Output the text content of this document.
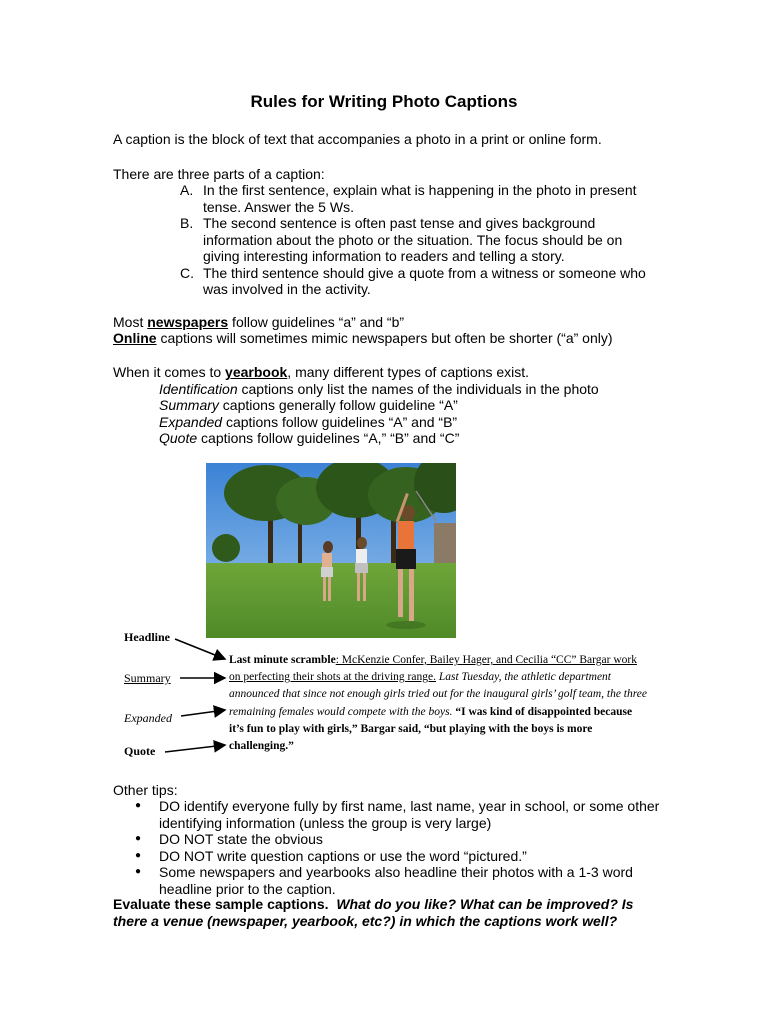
Rules for Writing Photo Captions
A caption is the block of text that accompanies a photo in a print or online form.
There are three parts of a caption:
A. In the first sentence, explain what is happening in the photo in present tense. Answer the 5 Ws.
B. The second sentence is often past tense and gives background information about the photo or the situation. The focus should be on giving interesting information to readers and telling a story.
C. The third sentence should give a quote from a witness or someone who was involved in the activity.
Most newspapers follow guidelines “a” and “b”
Online captions will sometimes mimic newspapers but often be shorter (“a” only)
When it comes to yearbook, many different types of captions exist.
Identification captions only list the names of the individuals in the photo
Summary captions generally follow guideline “A”
Expanded captions follow guidelines “A” and “B”
Quote captions follow guidelines “A,” “B” and “C”
Headline
Summary
Expanded
Quote
Last minute scramble: McKenzie Confer, Bailey Hager, and Cecilia “CC” Bargar work on perfecting their shots at the driving range. Last Tuesday, the athletic department announced that since not enough girls tried out for the inaugural girls’ golf team, the three remaining females would compete with the boys. “I was kind of disappointed because it’s fun to play with girls,” Bargar said, “but playing with the boys is more challenging.”
Other tips:
●	DO identify everyone fully by first name, last name, year in school, or some other identifying information (unless the group is very large)
●	DO NOT state the obvious
●	DO NOT write question captions or use the word “pictured.”
●	Some newspapers and yearbooks also headline their photos with a 1-3 word headline prior to the caption.
Evaluate these sample captions. What do you like? What can be improved? Is there a venue (newspaper, yearbook, etc?) in which the captions work well?
